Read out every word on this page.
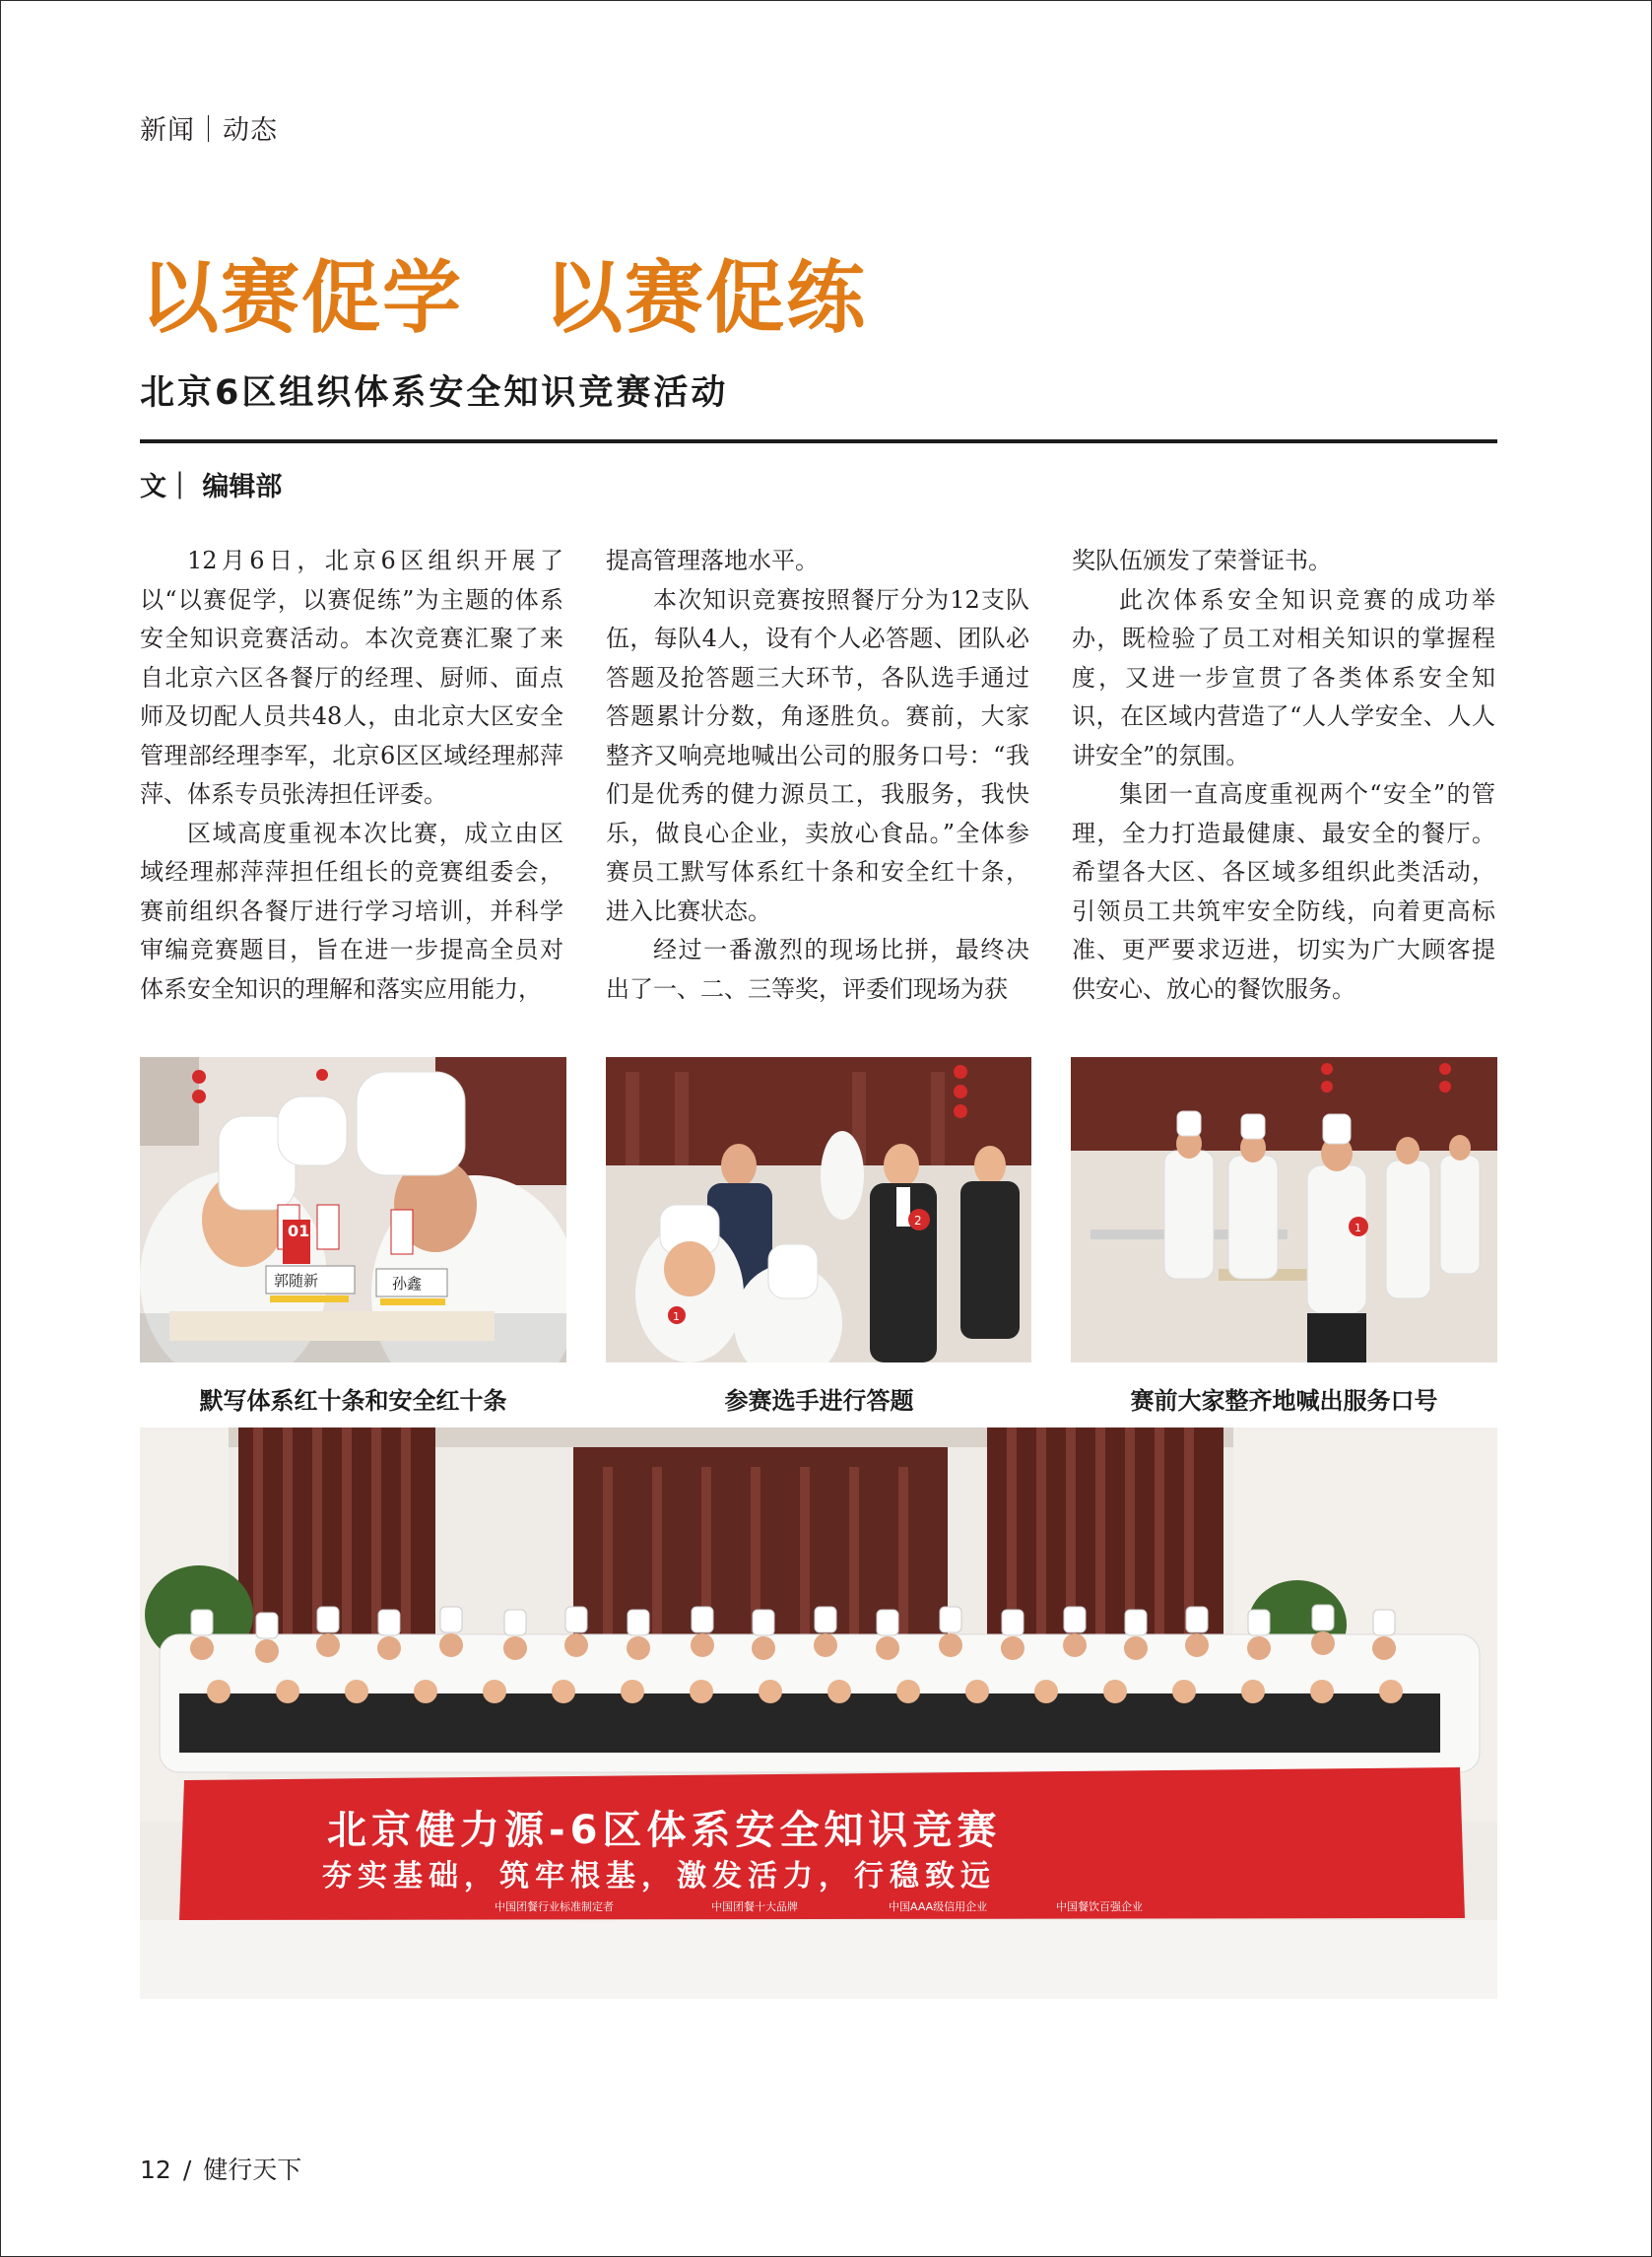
新闻｜动态
以赛促学　以赛促练
北京6区组织体系安全知识竞赛活动
文｜ 编辑部

12月6日，北京6区组织开展了以“以赛促学，以赛促练”为主题的体系安全知识竞赛活动。本次竞赛汇聚了来自北京六区各餐厅的经理、厨师、面点师及切配人员共48人，由北京大区安全管理部经理李军，北京6区区域经理郝萍萍、体系专员张涛担任评委。

区域高度重视本次比赛，成立由区域经理郝萍萍担任组长的竞赛组委会，赛前组织各餐厅进行学习培训，并科学审编竞赛题目，旨在进一步提高全员对体系安全知识的理解和落实应用能力，

提高管理落地水平。

本次知识竞赛按照餐厅分为12支队伍，每队4人，设有个人必答题、团队必答题及抢答题三大环节，各队选手通过答题累计分数，角逐胜负。赛前，大家整齐又响亮地喊出公司的服务口号：“我们是优秀的健力源员工，我服务，我快乐，做良心企业，卖放心食品。”全体参赛员工默写体系红十条和安全红十条，进入比赛状态。

经过一番激烈的现场比拼，最终决出了一、二、三等奖，评委们现场为获

奖队伍颁发了荣誉证书。

此次体系安全知识竞赛的成功举办，既检验了员工对相关知识的掌握程度，又进一步宣贯了各类体系安全知识，在区域内营造了“人人学安全、人人讲安全”的氛围。

集团一直高度重视两个“安全”的管理，全力打造最健康、最安全的餐厅。希望各大区、各区域多组织此类活动，引领员工共筑牢安全防线，向着更高标准、更严要求迈进，切实为广大顾客提供安心、放心的餐饮服务。

01
郭随新	孙鑫
2
1
1
默写体系红十条和安全红十条	参赛选手进行答题	赛前大家整齐地喊出服务口号
北京健力源-6区体系安全知识竞赛
夯实基础，筑牢根基，激发活力，行稳致远
中国团餐行业标准制定者	中国团餐十大品牌	中国AAA级信用企业	中国餐饮百强企业
12 / 健行天下
